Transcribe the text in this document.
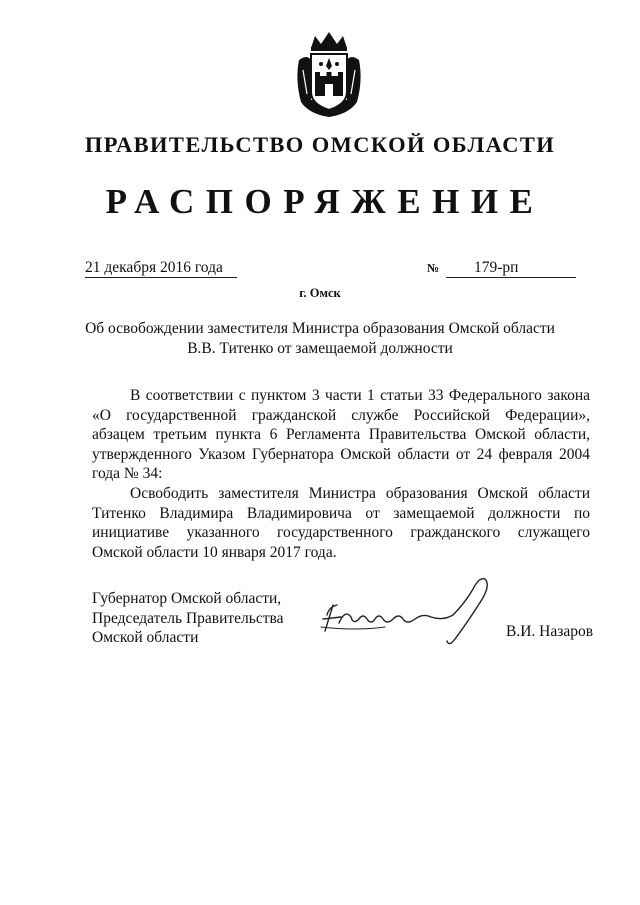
ПРАВИТЕЛЬСТВО ОМСКОЙ ОБЛАСТИ
РАСПОРЯЖЕНИЕ
21 декабря 2016 года	№	179-рп
г. Омск
Об освобождении заместителя Министра образования Омской области
В.В. Титенко от замещаемой должности

В соответствии с пунктом 3 части 1 статьи 33 Федерального закона «О государственной гражданской службе Российской Федерации», абзацем третьим пункта 6 Регламента Правительства Омской области, утвержденного Указом Губернатора Омской области от 24 февраля 2004 года № 34:

Освободить заместителя Министра образования Омской области Титенко Владимира Владимировича от замещаемой должности по инициативе указанного государственного гражданского служащего Омской области 10 января 2017 года.

Губернатор Омской области,
Председатель Правительства
Омской области	В.И. Назаров
